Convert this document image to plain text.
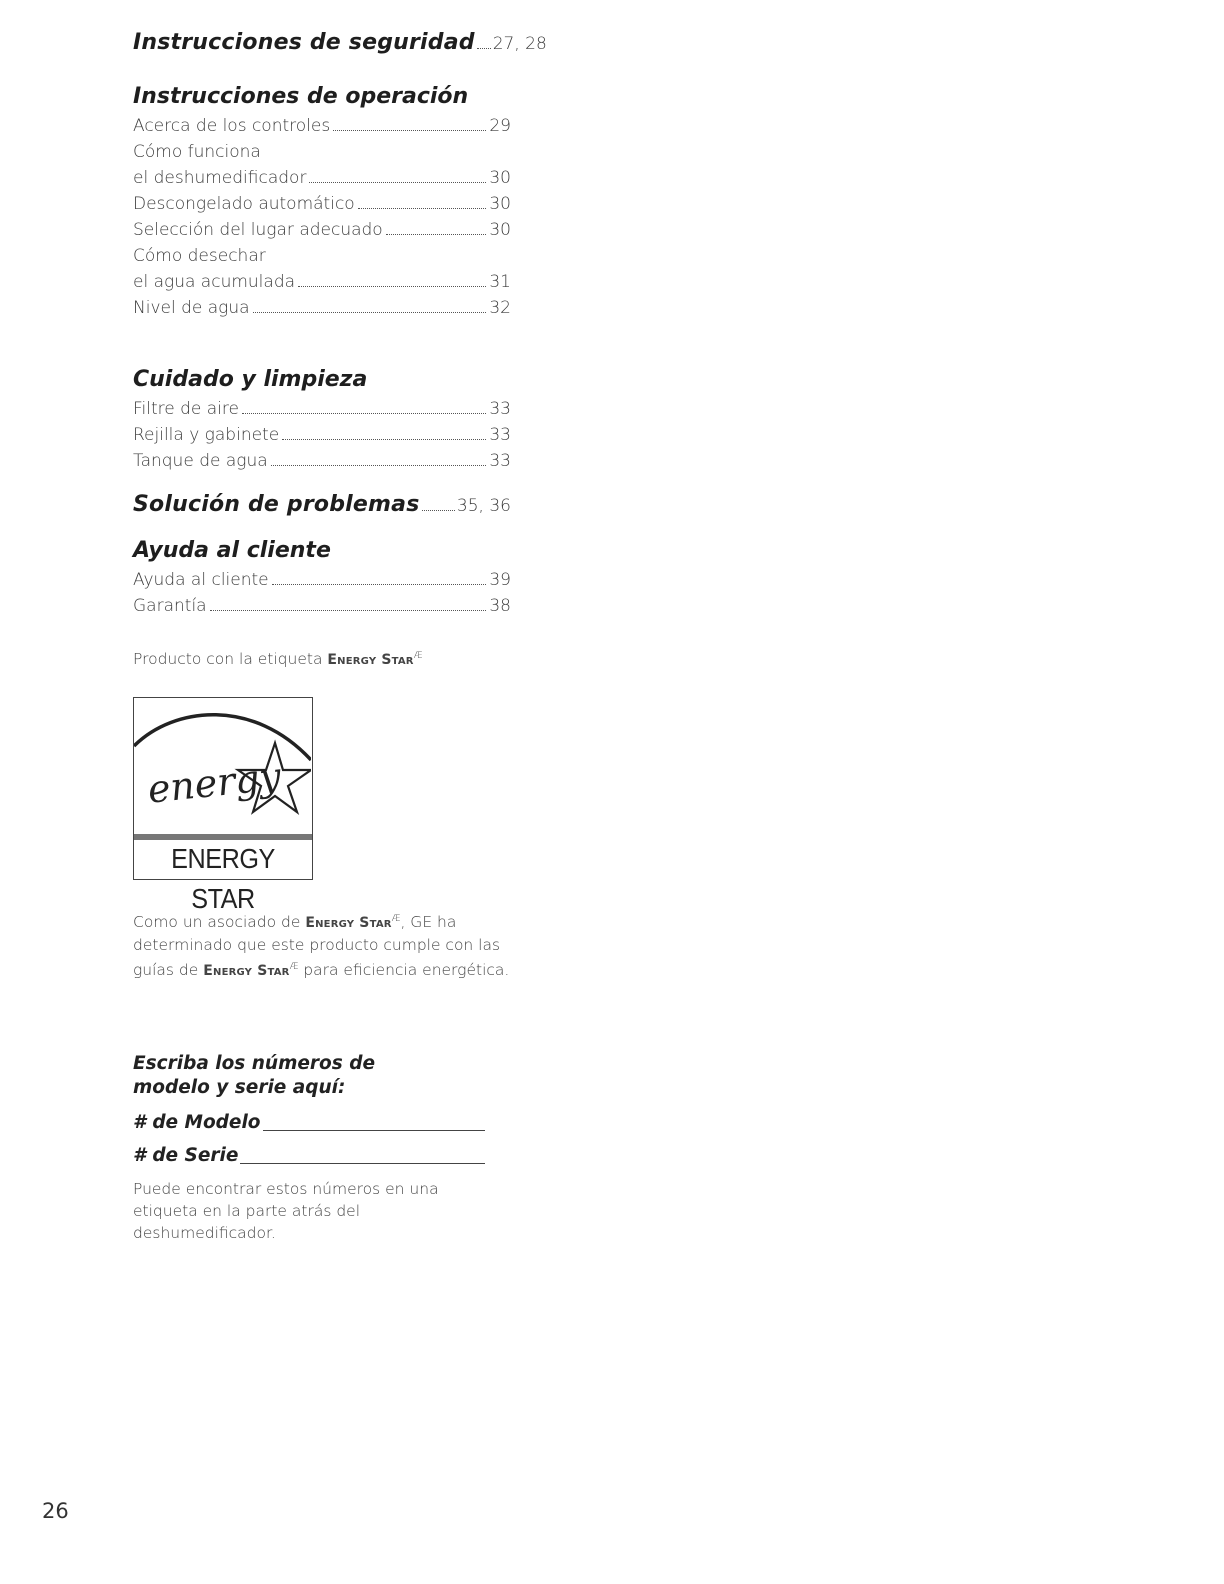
Instrucciones de seguridad 27, 28
Instrucciones de operación
Acerca de los controles	29
Cómo funciona
el deshumedificador	30
Descongelado automático	30
Selección del lugar adecuado	30
Cómo desechar
el agua acumulada	31
Nivel de agua	32
Cuidado y limpieza
Filtre de aire	33
Rejilla y gabinete	33
Tanque de agua	33
Solución de problemas 35, 36
Ayuda al cliente
Ayuda al cliente	39
Garantía	38
Producto con la etiqueta Energy Star$^Æ$
energy
ENERGY STAR
Como un asociado de Energy Star$^Æ$, GE ha determinado que este producto cumple con las guías de Energy Star$^Æ$ para eficiencia energética.
Escriba los números de modelo y serie aquí:
# de Modelo
# de Serie
Puede encontrar estos números en una etiqueta en la parte atrás del deshumedificador.
26
